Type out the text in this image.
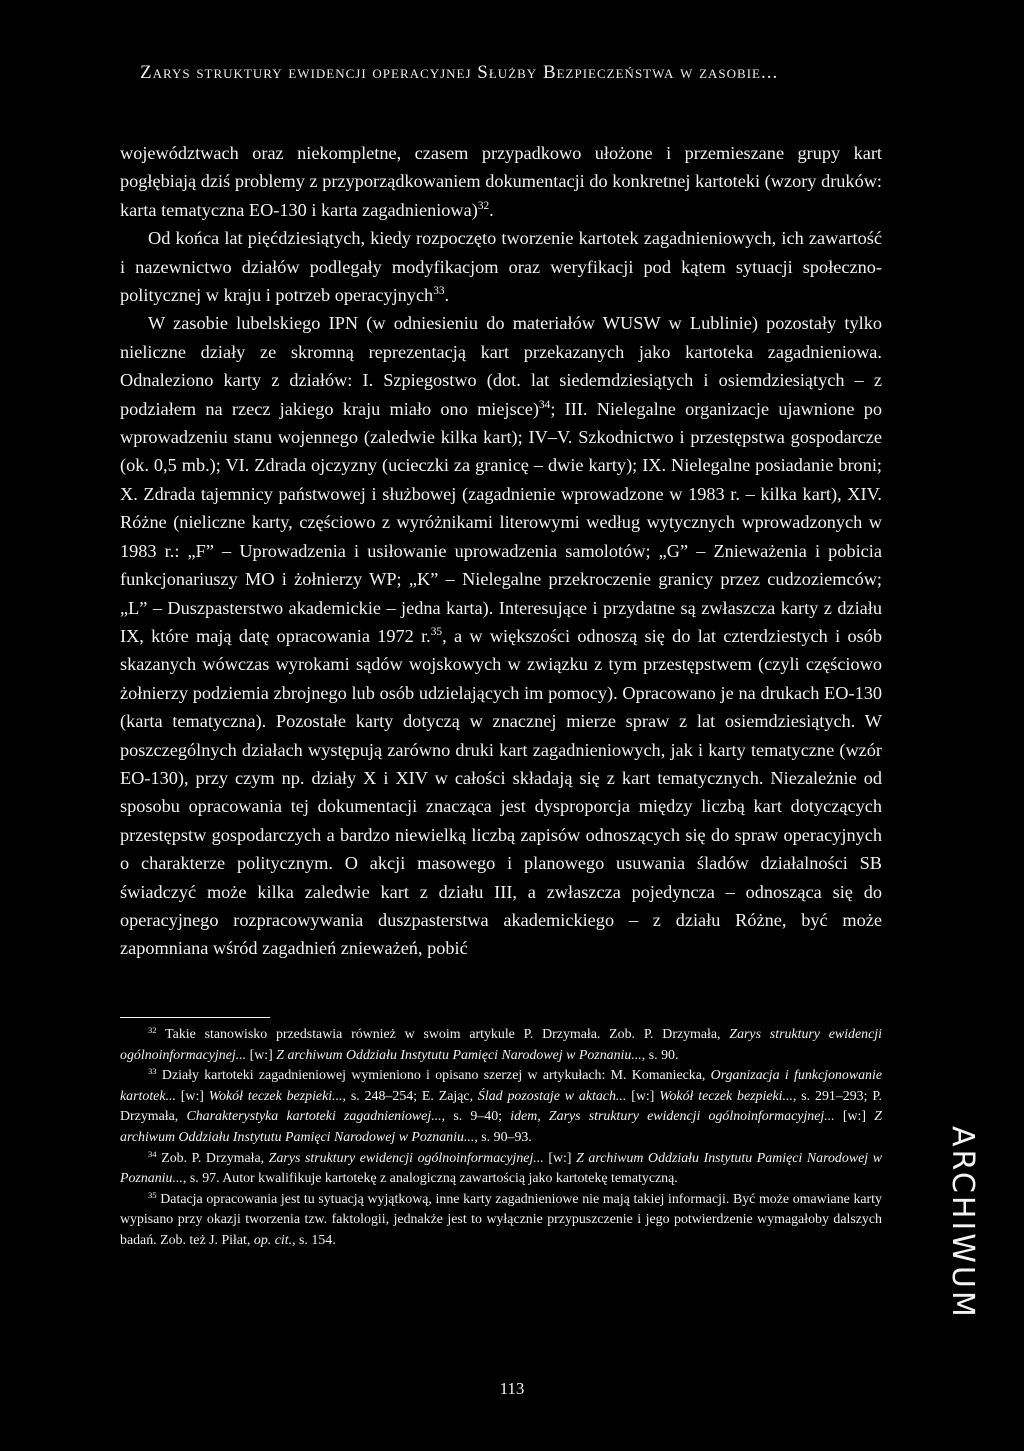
Zarys struktury ewidencji operacyjnej Służby Bezpieczeństwa w zasobie...

województwach oraz niekompletne, czasem przypadkowo ułożone i przemieszane grupy kart pogłębiają dziś problemy z przyporządkowaniem dokumentacji do konkretnej kartoteki (wzory druków: karta tematyczna EO-130 i karta zagadnieniowa)$^{32}$.

Od końca lat pięćdziesiątych, kiedy rozpoczęto tworzenie kartotek zagadnieniowych, ich zawartość i nazewnictwo działów podlegały modyfikacjom oraz weryfikacji pod kątem sytuacji społeczno-politycznej w kraju i potrzeb operacyjnych$^{33}$.

W zasobie lubelskiego IPN (w odniesieniu do materiałów WUSW w Lublinie) pozostały tylko nieliczne działy ze skromną reprezentacją kart przekazanych jako kartoteka zagadnieniowa. Odnaleziono karty z działów: I. Szpiegostwo (dot. lat siedemdziesiątych i osiemdziesiątych – z podziałem na rzecz jakiego kraju miało ono miejsce)$^{34}$; III. Nielegalne organizacje ujawnione po wprowadzeniu stanu wojennego (zaledwie kilka kart); IV–V. Szkodnictwo i przestępstwa gospodarcze (ok. 0,5 mb.); VI. Zdrada ojczyzny (ucieczki za granicę – dwie karty); IX. Nielegalne posiadanie broni; X. Zdrada tajemnicy państwowej i służbowej (zagadnienie wprowadzone w 1983 r. – kilka kart), XIV. Różne (nieliczne karty, częściowo z wyróżnikami literowymi według wytycznych wprowadzonych w 1983 r.: „F” – Uprowadzenia i usiłowanie uprowadzenia samolotów; „G” – Znieważenia i pobicia funkcjonariuszy MO i żołnierzy WP; „K” – Nielegalne przekroczenie granicy przez cudzoziemców; „L” – Duszpasterstwo akademickie – jedna karta). Interesujące i przydatne są zwłaszcza karty z działu IX, które mają datę opracowania 1972 r.$^{35}$, a w większości odnoszą się do lat czterdziestych i osób skazanych wówczas wyrokami sądów wojskowych w związku z tym przestępstwem (czyli częściowo żołnierzy podziemia zbrojnego lub osób udzielających im pomocy). Opracowano je na drukach EO-130 (karta tematyczna). Pozostałe karty dotyczą w znacznej mierze spraw z lat osiemdziesiątych. W poszczególnych działach występują zarówno druki kart zagadnieniowych, jak i karty tematyczne (wzór EO-130), przy czym np. działy X i XIV w całości składają się z kart tematycznych. Niezależnie od sposobu opracowania tej dokumentacji znacząca jest dysproporcja między liczbą kart dotyczących przestępstw gospodarczych a bardzo niewielką liczbą zapisów odnoszących się do spraw operacyjnych o charakterze politycznym. O akcji masowego i planowego usuwania śladów działalności SB świadczyć może kilka zaledwie kart z działu III, a zwłaszcza pojedyncza – odnosząca się do operacyjnego rozpracowywania duszpasterstwa akademickiego – z działu Różne, być może zapomniana wśród zagadnień znieważeń, pobić

$^{32}$ Takie stanowisko przedstawia również w swoim artykule P. Drzymała. Zob. P. Drzymała, Zarys struktury ewidencji ogólnoinformacyjnej... [w:] Z archiwum Oddziału Instytutu Pamięci Narodowej w Poznaniu..., s. 90.

$^{33}$ Działy kartoteki zagadnieniowej wymieniono i opisano szerzej w artykułach: M. Komaniecka, Organizacja i funkcjonowanie kartotek... [w:] Wokół teczek bezpieki..., s. 248–254; E. Zając, Ślad pozostaje w aktach... [w:] Wokół teczek bezpieki..., s. 291–293; P. Drzymała, Charakterystyka kartoteki zagadnieniowej..., s. 9–40; idem, Zarys struktury ewidencji ogólnoinformacyjnej... [w:] Z archiwum Oddziału Instytutu Pamięci Narodowej w Poznaniu..., s. 90–93.

$^{34}$ Zob. P. Drzymała, Zarys struktury ewidencji ogólnoinformacyjnej... [w:] Z archiwum Oddziału Instytutu Pamięci Narodowej w Poznaniu..., s. 97. Autor kwalifikuje kartotekę z analogiczną zawartością jako kartotekę tematyczną.

$^{35}$ Datacja opracowania jest tu sytuacją wyjątkową, inne karty zagadnieniowe nie mają takiej informacji. Być może omawiane karty wypisano przy okazji tworzenia tzw. faktologii, jednakże jest to wyłącznie przypuszczenie i jego potwierdzenie wymagałoby dalszych badań. Zob. też J. Piłat, op. cit., s. 154.

113
ARCHIWUM
